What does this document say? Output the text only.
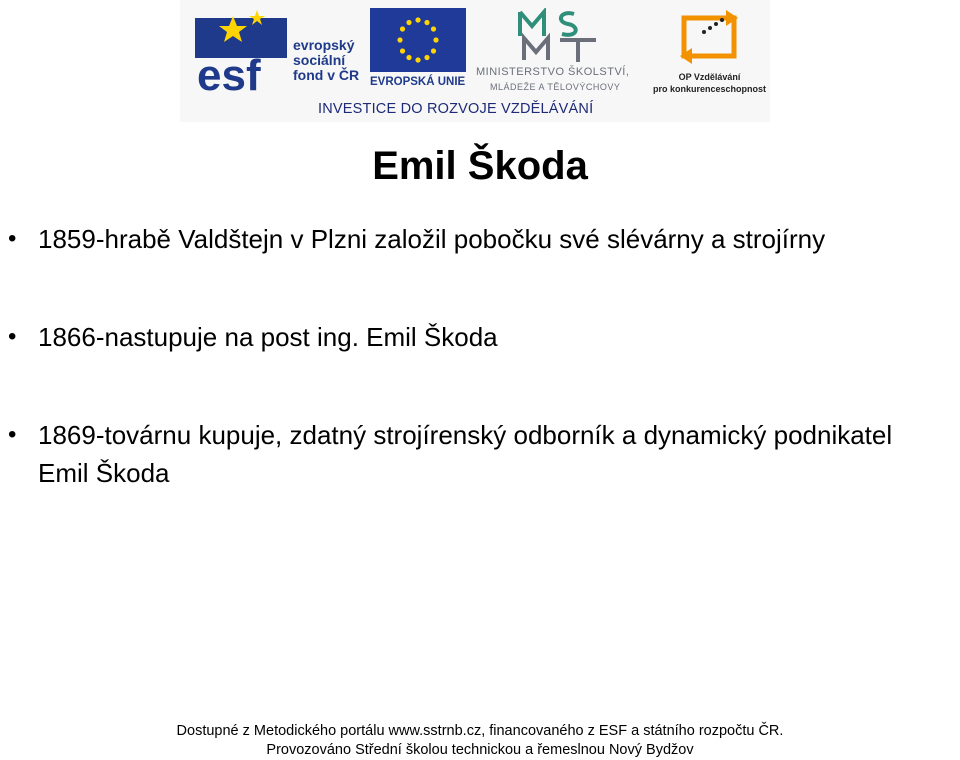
esf
evropský
sociální
fond v ČR EVROPSKÁ UNIE
MINISTERSTVO ŠKOLSTVÍ,
MLÁDEŽE A TĚLOVÝCHOVY
OP Vzdělávání
pro konkurenceschopnost
INVESTICE DO ROZVOJE VZDĚLÁVÁNÍ
Emil Škoda
• 1859-hrabě Valdštejn v Plzni založil pobočku své slévárny a strojírny
• 1866-nastupuje na post ing. Emil Škoda
• 1869-továrnu kupuje, zdatný strojírenský odborník a dynamický podnikatel Emil Škoda
Dostupné z Metodického portálu www.sstrnb.cz, financovaného z ESF a státního rozpočtu ČR.
Provozováno Střední školou technickou a řemeslnou Nový Bydžov
